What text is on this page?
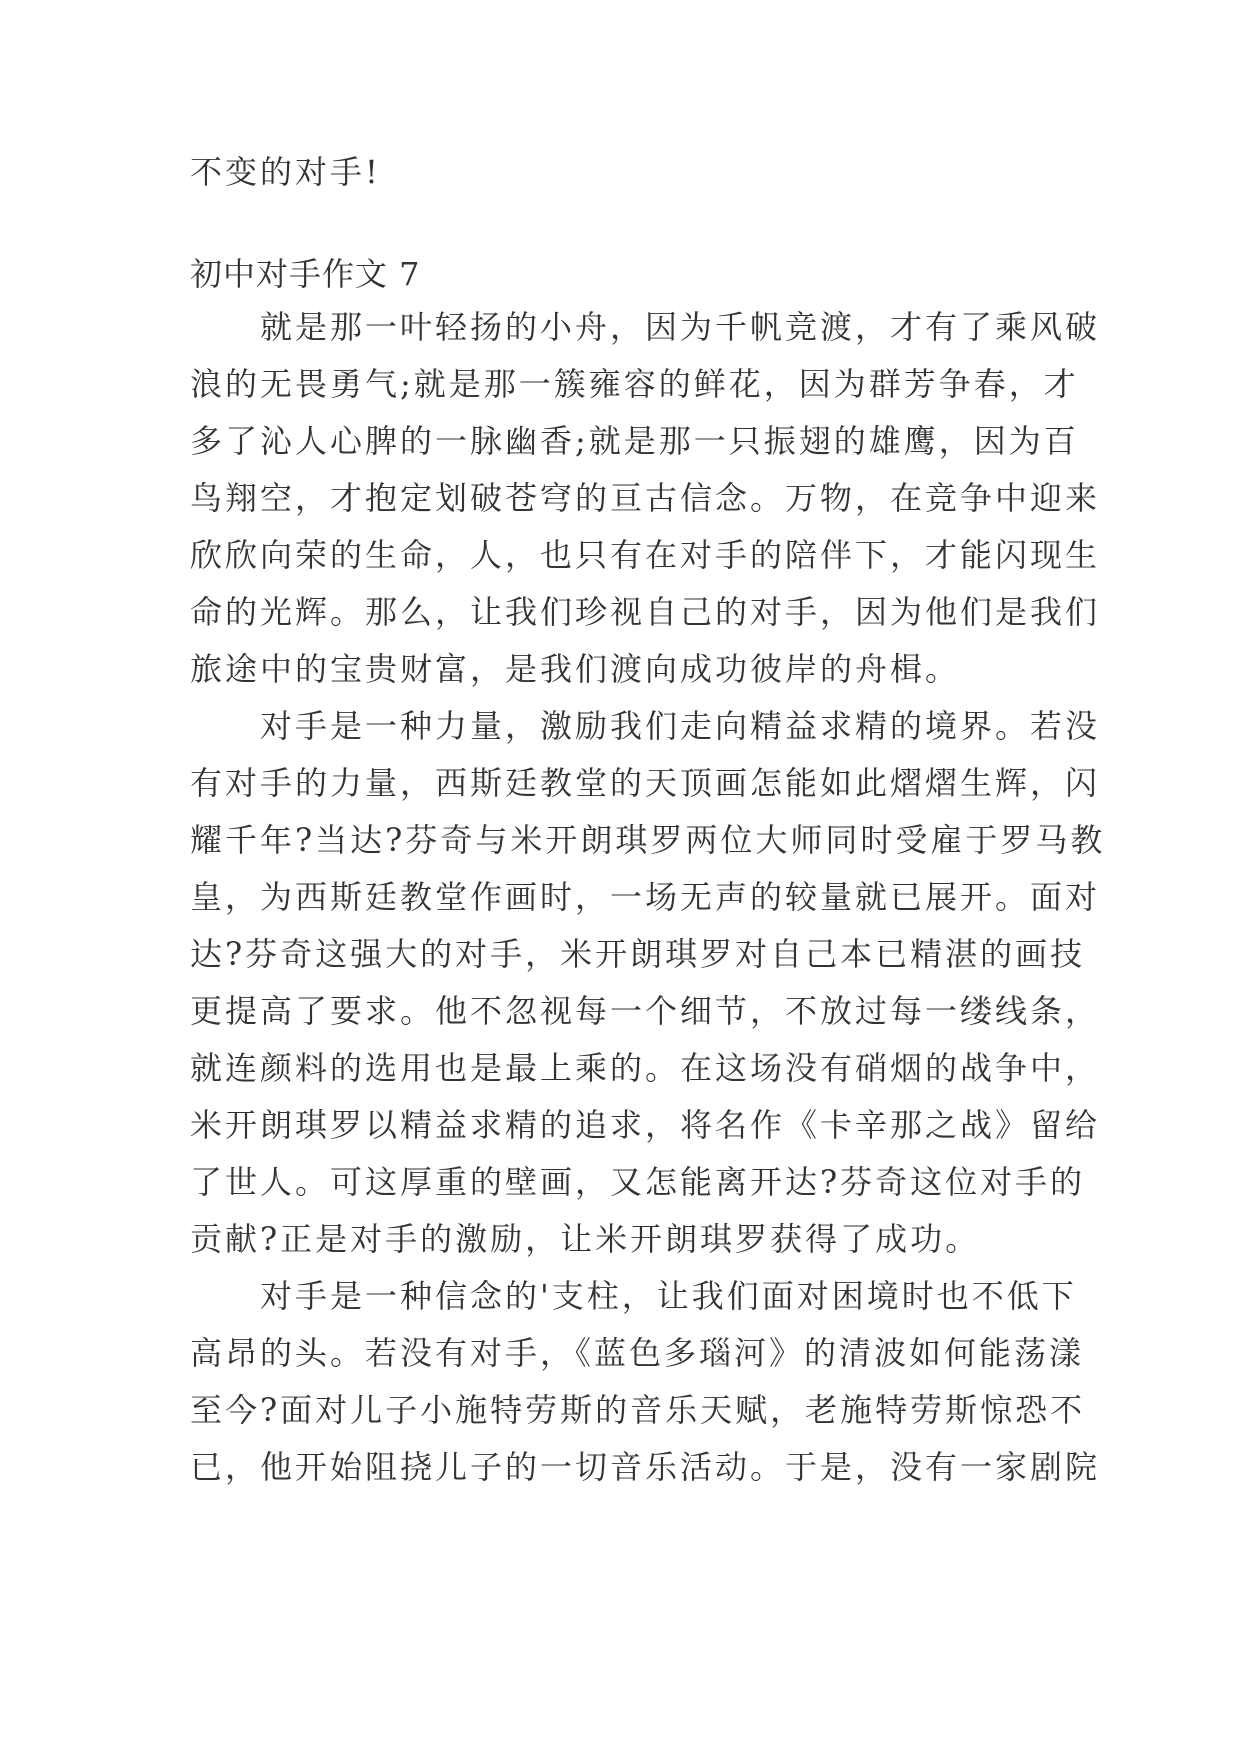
不变的对手!
初中对手作文 7
　　就是那一叶轻扬的小舟，因为千帆竞渡，才有了乘风破
浪的无畏勇气;就是那一簇雍容的鲜花，因为群芳争春，才
多了沁人心脾的一脉幽香;就是那一只振翅的雄鹰，因为百
鸟翔空，才抱定划破苍穹的亘古信念。万物，在竞争中迎来
欣欣向荣的生命，人，也只有在对手的陪伴下，才能闪现生
命的光辉。那么，让我们珍视自己的对手，因为他们是我们
旅途中的宝贵财富，是我们渡向成功彼岸的舟楫。
　　对手是一种力量，激励我们走向精益求精的境界。若没
有对手的力量，西斯廷教堂的天顶画怎能如此熠熠生辉，闪
耀千年?当达?芬奇与米开朗琪罗两位大师同时受雇于罗马教
皇，为西斯廷教堂作画时，一场无声的较量就已展开。面对
达?芬奇这强大的对手，米开朗琪罗对自己本已精湛的画技
更提高了要求。他不忽视每一个细节，不放过每一缕线条，
就连颜料的选用也是最上乘的。在这场没有硝烟的战争中，
米开朗琪罗以精益求精的追求，将名作《卡辛那之战》留给
了世人。可这厚重的壁画，又怎能离开达?芬奇这位对手的
贡献?正是对手的激励，让米开朗琪罗获得了成功。
　　对手是一种信念的'支柱，让我们面对困境时也不低下
高昂的头。若没有对手，《蓝色多瑙河》的清波如何能荡漾
至今?面对儿子小施特劳斯的音乐天赋，老施特劳斯惊恐不
已，他开始阻挠儿子的一切音乐活动。于是，没有一家剧院
